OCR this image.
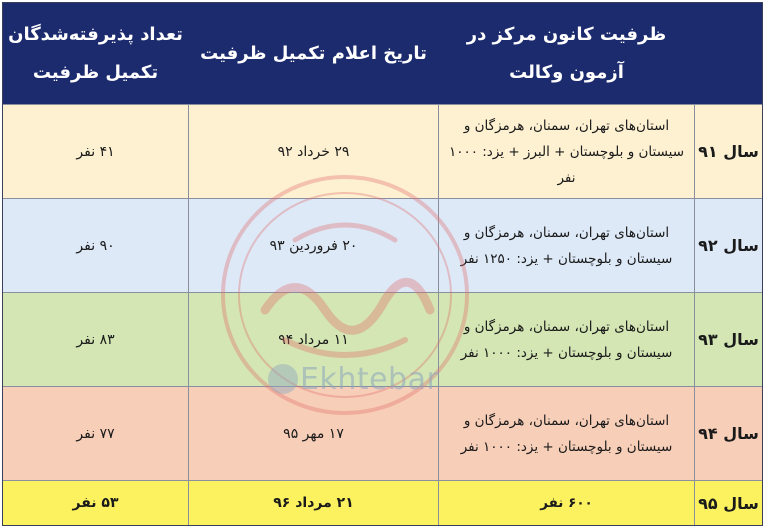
ظرفیت کانون مرکز در آزمون وکالت
تاریخ اعلام تکمیل ظرفیت
تعداد پذیرفته‌شدگان تکمیل ظرفیت
سال ۹۱
استان‌های تهران، سمنان، هرمزگان و سیستان و بلوچستان + البرز + یزد: ۱۰۰۰ نفر
۲۹ خرداد ۹۲
۴۱ نفر
سال ۹۲
استان‌های تهران، سمنان، هرمزگان و سیستان و بلوچستان + یزد: ۱۲۵۰ نفر
۲۰ فروردین ۹۳
۹۰ نفر
سال ۹۳
استان‌های تهران، سمنان، هرمزگان و سیستان و بلوچستان + یزد: ۱۰۰۰ نفر
۱۱ مرداد ۹۴
۸۳ نفر
سال ۹۴
استان‌های تهران، سمنان، هرمزگان و سیستان و بلوچستان + یزد: ۱۰۰۰ نفر
۱۷ مهر ۹۵
۷۷ نفر
سال ۹۵
۶۰۰ نفر
۲۱ مرداد ۹۶
۵۳ نفر
Ekhtebar
